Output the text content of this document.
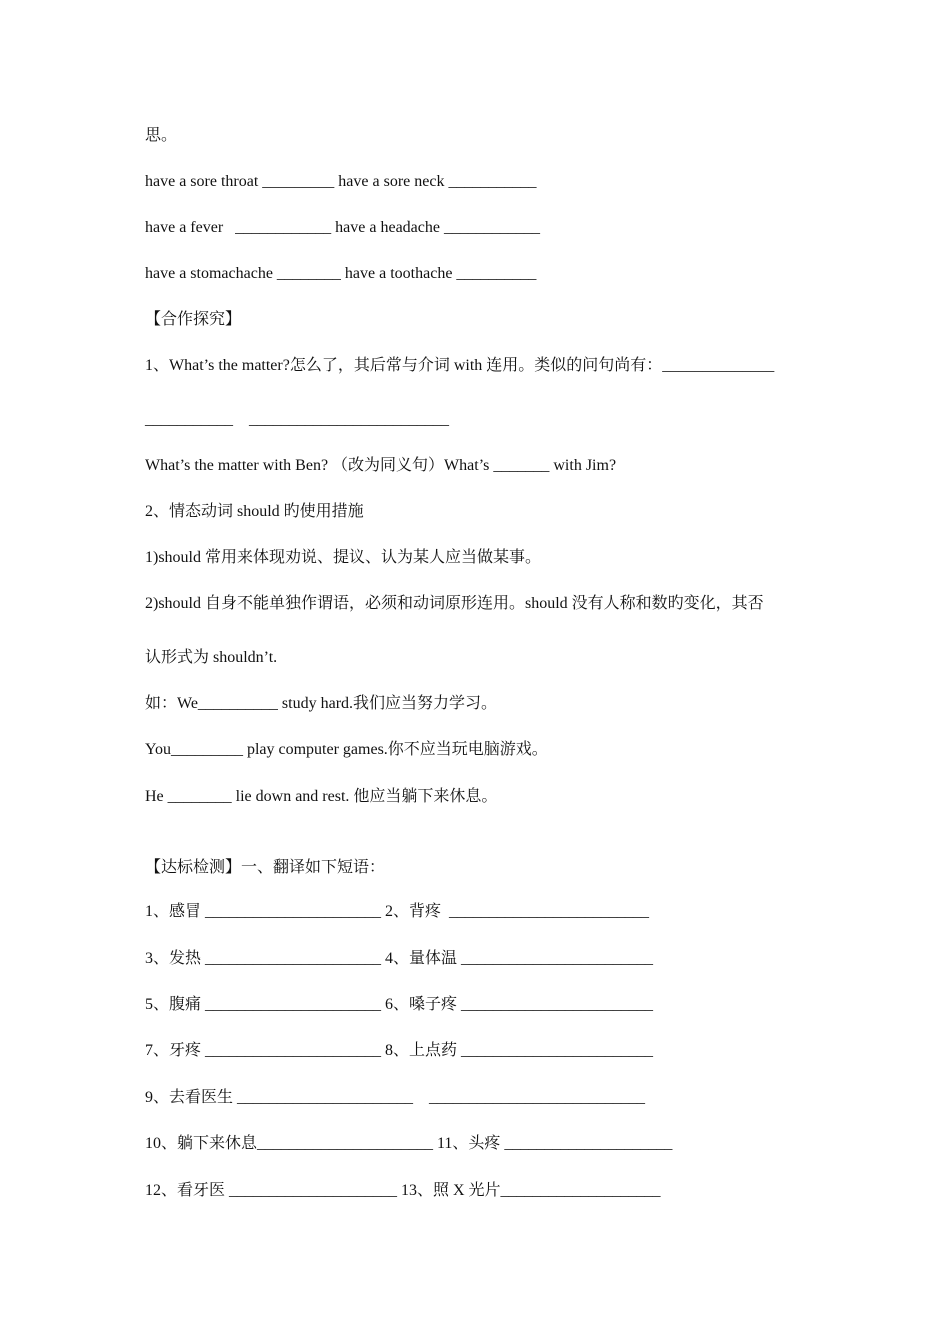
思。
have a sore throat _________ have a sore neck ___________
have a fever   ____________ have a headache ____________
have a stomachache ________ have a toothache __________
【合作探究】
1、What’s the matter?怎么了，其后常与介词 with 连用。类似的问句尚有：______________
___________    _________________________
What’s the matter with Ben? （改为同义句）What’s _______ with Jim?
2、情态动词 should 旳使用措施
1)should 常用来体现劝说、提议、认为某人应当做某事。
2)should 自身不能单独作谓语，必须和动词原形连用。should 没有人称和数旳变化，其否
认形式为 shouldn’t.
如：We__________ study hard.我们应当努力学习。
You_________ play computer games.你不应当玩电脑游戏。
He ________ lie down and rest. 他应当躺下来休息。
【达标检测】一、翻译如下短语：
1、感冒 ______________________ 2、背疼  _________________________
3、发热 ______________________ 4、量体温 ________________________
5、腹痛 ______________________ 6、嗓子疼 ________________________
7、牙疼 ______________________ 8、上点药 ________________________
9、去看医生 ______________________    ___________________________
10、躺下来休息______________________ 11、头疼 _____________________
12、看牙医 _____________________ 13、照 X 光片____________________
